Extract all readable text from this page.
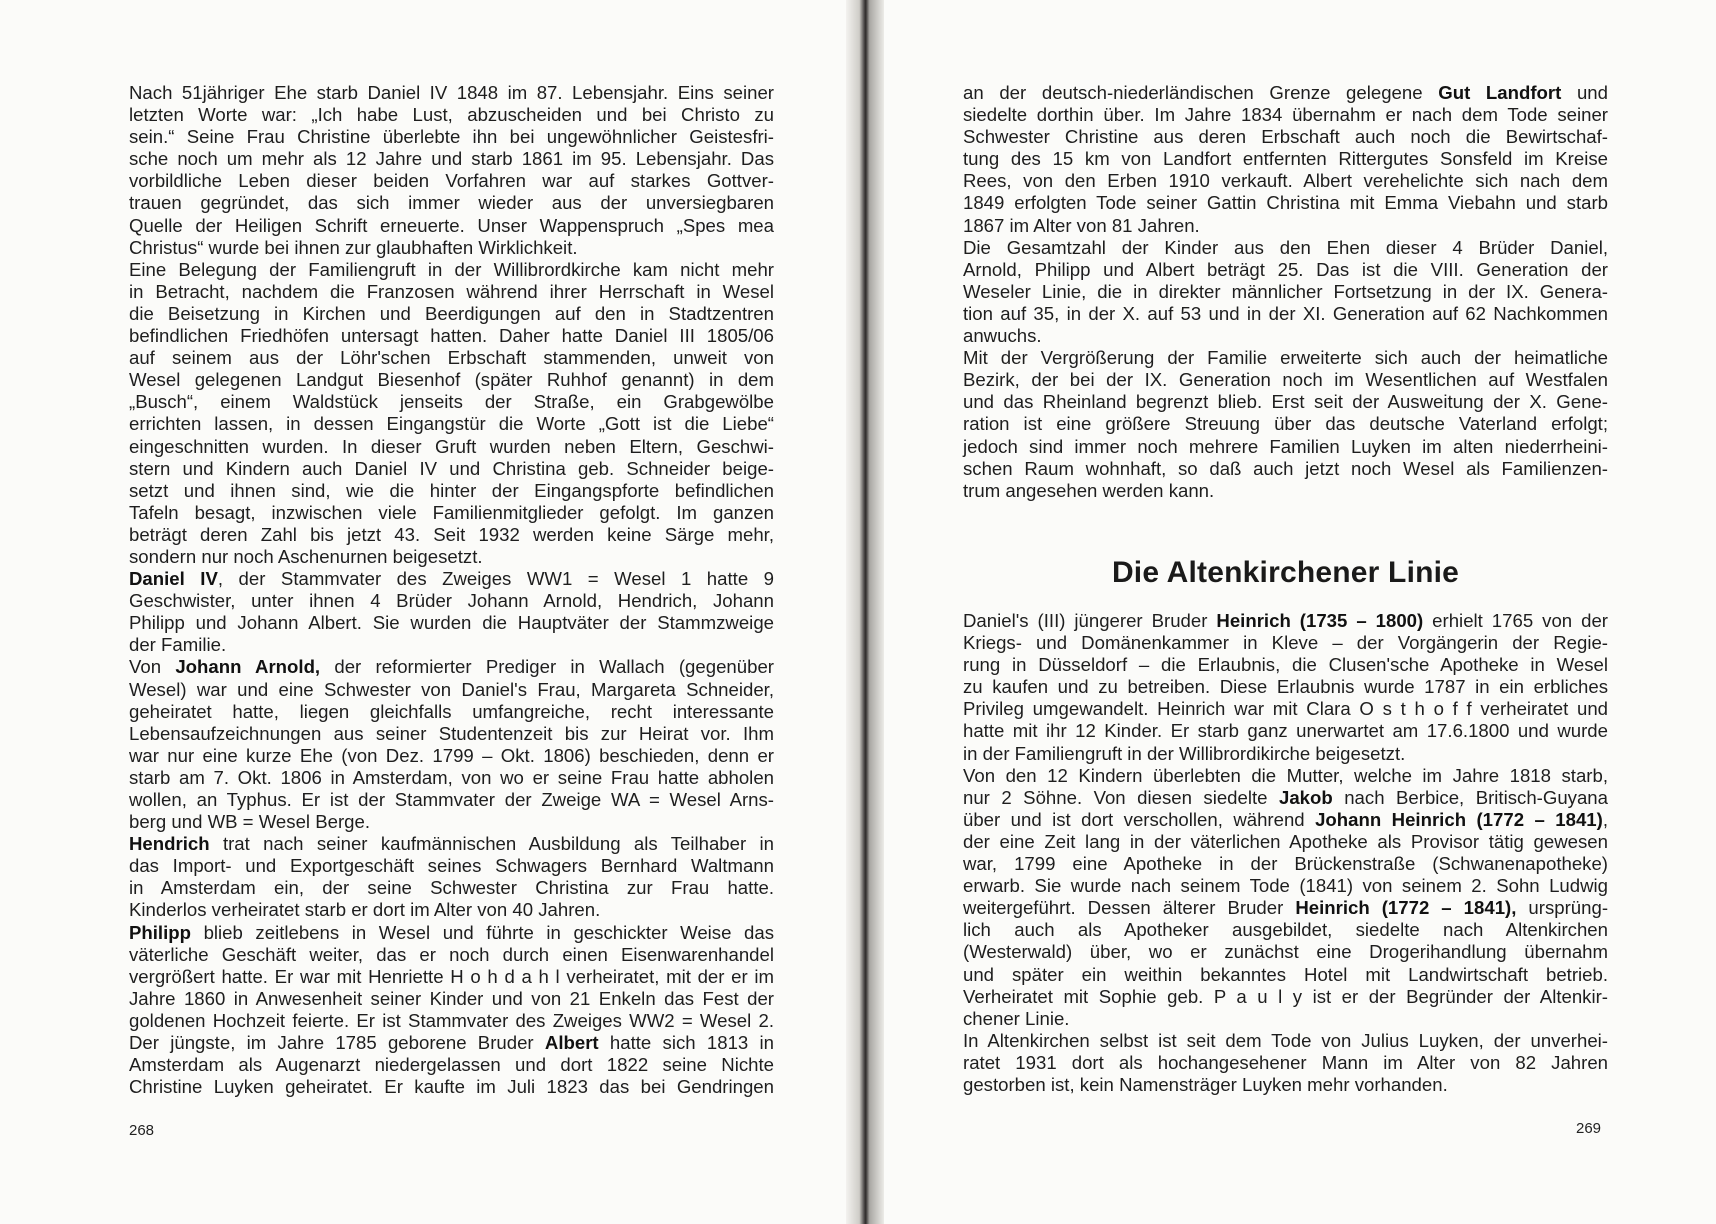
Nach 51jähriger Ehe starb Daniel IV 1848 im 87. Lebensjahr. Eins seiner
letzten Worte war: „Ich habe Lust, abzuscheiden und bei Christo zu
sein.“ Seine Frau Christine überlebte ihn bei ungewöhnlicher Geistesfri-
sche noch um mehr als 12 Jahre und starb 1861 im 95. Lebensjahr. Das
vorbildliche Leben dieser beiden Vorfahren war auf starkes Gottver-
trauen gegründet, das sich immer wieder aus der unversiegbaren
Quelle der Heiligen Schrift erneuerte. Unser Wappenspruch „Spes mea
Christus“ wurde bei ihnen zur glaubhaften Wirklichkeit.
Eine Belegung der Familiengruft in der Willibrordkirche kam nicht mehr
in Betracht, nachdem die Franzosen während ihrer Herrschaft in Wesel
die Beisetzung in Kirchen und Beerdigungen auf den in Stadtzentren
befindlichen Friedhöfen untersagt hatten. Daher hatte Daniel III 1805/06
auf seinem aus der Löhr'schen Erbschaft stammenden, unweit von
Wesel gelegenen Landgut Biesenhof (später Ruhhof genannt) in dem
„Busch“, einem Waldstück jenseits der Straße, ein Grabgewölbe
errichten lassen, in dessen Eingangstür die Worte „Gott ist die Liebe“
eingeschnitten wurden. In dieser Gruft wurden neben Eltern, Geschwi-
stern und Kindern auch Daniel IV und Christina geb. Schneider beige-
setzt und ihnen sind, wie die hinter der Eingangspforte befindlichen
Tafeln besagt, inzwischen viele Familienmitglieder gefolgt. Im ganzen
beträgt deren Zahl bis jetzt 43. Seit 1932 werden keine Särge mehr,
sondern nur noch Aschenurnen beigesetzt.
Daniel IV, der Stammvater des Zweiges WW1 = Wesel 1 hatte 9
Geschwister, unter ihnen 4 Brüder Johann Arnold, Hendrich, Johann
Philipp und Johann Albert. Sie wurden die Hauptväter der Stammzweige
der Familie.
Von Johann Arnold, der reformierter Prediger in Wallach (gegenüber
Wesel) war und eine Schwester von Daniel's Frau, Margareta Schneider,
geheiratet hatte, liegen gleichfalls umfangreiche, recht interessante
Lebensaufzeichnungen aus seiner Studentenzeit bis zur Heirat vor. Ihm
war nur eine kurze Ehe (von Dez. 1799 – Okt. 1806) beschieden, denn er
starb am 7. Okt. 1806 in Amsterdam, von wo er seine Frau hatte abholen
wollen, an Typhus. Er ist der Stammvater der Zweige WA = Wesel Arns-
berg und WB = Wesel Berge.
Hendrich trat nach seiner kaufmännischen Ausbildung als Teilhaber in
das Import- und Exportgeschäft seines Schwagers Bernhard Waltmann
in Amsterdam ein, der seine Schwester Christina zur Frau hatte.
Kinderlos verheiratet starb er dort im Alter von 40 Jahren.
Philipp blieb zeitlebens in Wesel und führte in geschickter Weise das
väterliche Geschäft weiter, das er noch durch einen Eisenwarenhandel
vergrößert hatte. Er war mit Henriette H o h d a h l verheiratet, mit der er im
Jahre 1860 in Anwesenheit seiner Kinder und von 21 Enkeln das Fest der
goldenen Hochzeit feierte. Er ist Stammvater des Zweiges WW2 = Wesel 2.
Der jüngste, im Jahre 1785 geborene Bruder Albert hatte sich 1813 in
Amsterdam als Augenarzt niedergelassen und dort 1822 seine Nichte
Christine Luyken geheiratet. Er kaufte im Juli 1823 das bei Gendringen
an der deutsch-niederländischen Grenze gelegene Gut Landfort und
siedelte dorthin über. Im Jahre 1834 übernahm er nach dem Tode seiner
Schwester Christine aus deren Erbschaft auch noch die Bewirtschaf-
tung des 15 km von Landfort entfernten Rittergutes Sonsfeld im Kreise
Rees, von den Erben 1910 verkauft. Albert verehelichte sich nach dem
1849 erfolgten Tode seiner Gattin Christina mit Emma Viebahn und starb
1867 im Alter von 81 Jahren.
Die Gesamtzahl der Kinder aus den Ehen dieser 4 Brüder Daniel,
Arnold, Philipp und Albert beträgt 25. Das ist die VIII. Generation der
Weseler Linie, die in direkter männlicher Fortsetzung in der IX. Genera-
tion auf 35, in der X. auf 53 und in der XI. Generation auf 62 Nachkommen
anwuchs.
Mit der Vergrößerung der Familie erweiterte sich auch der heimatliche
Bezirk, der bei der IX. Generation noch im Wesentlichen auf Westfalen
und das Rheinland begrenzt blieb. Erst seit der Ausweitung der X. Gene-
ration ist eine größere Streuung über das deutsche Vaterland erfolgt;
jedoch sind immer noch mehrere Familien Luyken im alten niederrheini-
schen Raum wohnhaft, so daß auch jetzt noch Wesel als Familienzen-
trum angesehen werden kann.
Die Altenkirchener Linie
Daniel's (III) jüngerer Bruder Heinrich (1735 – 1800) erhielt 1765 von der
Kriegs- und Domänenkammer in Kleve – der Vorgängerin der Regie-
rung in Düsseldorf – die Erlaubnis, die Clusen'sche Apotheke in Wesel
zu kaufen und zu betreiben. Diese Erlaubnis wurde 1787 in ein erbliches
Privileg umgewandelt. Heinrich war mit Clara O s t h o f f verheiratet und
hatte mit ihr 12 Kinder. Er starb ganz unerwartet am 17.6.1800 und wurde
in der Familiengruft in der Willibrordikirche beigesetzt.
Von den 12 Kindern überlebten die Mutter, welche im Jahre 1818 starb,
nur 2 Söhne. Von diesen siedelte Jakob nach Berbice, Britisch-Guyana
über und ist dort verschollen, während Johann Heinrich (1772 – 1841),
der eine Zeit lang in der väterlichen Apotheke als Provisor tätig gewesen
war, 1799 eine Apotheke in der Brückenstraße (Schwanenapotheke)
erwarb. Sie wurde nach seinem Tode (1841) von seinem 2. Sohn Ludwig
weitergeführt. Dessen älterer Bruder Heinrich (1772 – 1841), ursprüng-
lich auch als Apotheker ausgebildet, siedelte nach Altenkirchen
(Westerwald) über, wo er zunächst eine Drogerihandlung übernahm
und später ein weithin bekanntes Hotel mit Landwirtschaft betrieb.
Verheiratet mit Sophie geb. P a u l y ist er der Begründer der Altenkir-
chener Linie.
In Altenkirchen selbst ist seit dem Tode von Julius Luyken, der unverhei-
ratet 1931 dort als hochangesehener Mann im Alter von 82 Jahren
gestorben ist, kein Namensträger Luyken mehr vorhanden.
268	269
